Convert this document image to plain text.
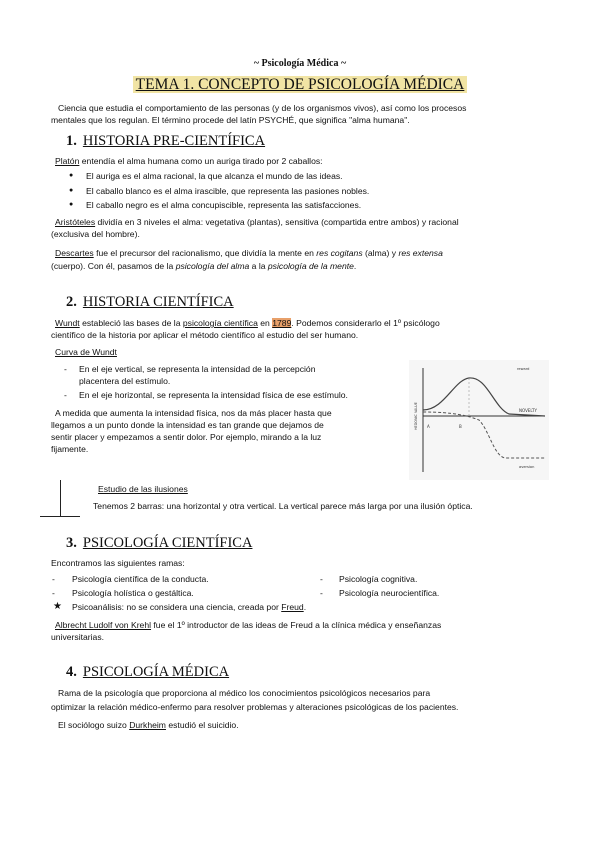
~ Psicología Médica ~
TEMA 1. CONCEPTO DE PSICOLOGÍA MÉDICA
Ciencia que estudia el comportamiento de las personas (y de los organismos vivos), así como los procesos
mentales que los regulan. El término procede del latín PSYCHÉ, que significa "alma humana".
1. HISTORIA PRE-CIENTÍFICA
Platón entendía el alma humana como un auriga tirado por 2 caballos:
● El auriga es el alma racional, la que alcanza el mundo de las ideas.
● El caballo blanco es el alma irascible, que representa las pasiones nobles.
● El caballo negro es el alma concupiscible, representa las satisfacciones.
Aristóteles dividía en 3 niveles el alma: vegetativa (plantas), sensitiva (compartida entre ambos) y racional
(exclusiva del hombre).
Descartes fue el precursor del racionalismo, que dividía la mente en res cogitans (alma) y res extensa
(cuerpo). Con él, pasamos de la psicología del alma a la psicología de la mente.
2. HISTORIA CIENTÍFICA
Wundt estableció las bases de la psicología científica en 1789. Podemos considerarlo el 1º psicólogo
científico de la historia por aplicar el método científico al estudio del ser humano.
Curva de Wundt
- En el eje vertical, se representa la intensidad de la percepción
placentera del estímulo.
- En el eje horizontal, se representa la intensidad física de ese estímulo.
A medida que aumenta la intensidad física, nos da más placer hasta que
llegamos a un punto donde la intensidad es tan grande que dejamos de
sentir placer y empezamos a sentir dolor. Por ejemplo, mirando a la luz
fijamente.
A	B
reward
NOVELTY
aversion
HEDONIC VALUE
Estudio de las ilusiones
Tenemos 2 barras: una horizontal y otra vertical. La vertical parece más larga por una ilusión óptica.
3. PSICOLOGÍA CIENTÍFICA
Encontramos las siguientes ramas:
- Psicología científica de la conducta.
- Psicología holística o gestáltica.
- Psicología cognitiva.
- Psicología neurocientífica.
★ Psicoanálisis: no se considera una ciencia, creada por Freud.
Albrecht Ludolf von Krehl fue el 1º introductor de las ideas de Freud a la clínica médica y enseñanzas
universitarias.
4. PSICOLOGÍA MÉDICA
Rama de la psicología que proporciona al médico los conocimientos psicológicos necesarios para
optimizar la relación médico-enfermo para resolver problemas y alteraciones psicológicas de los pacientes.
El sociólogo suizo Durkheim estudió el suicidio.
